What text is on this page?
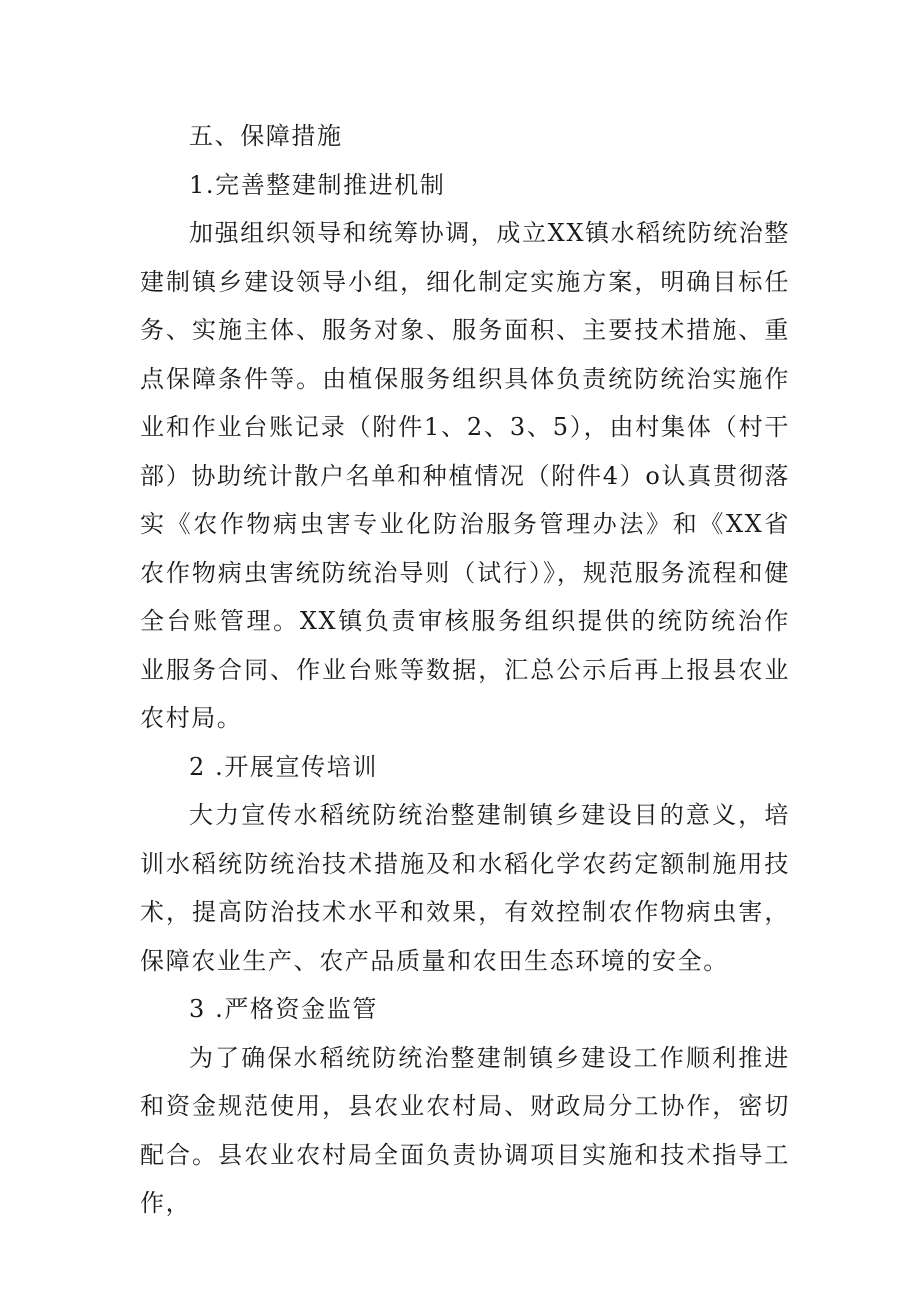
五、保障措施

1.完善整建制推进机制

加强组织领导和统筹协调，成立XX镇水稻统防统治整建制镇乡建设领导小组，细化制定实施方案，明确目标任务、实施主体、服务对象、服务面积、主要技术措施、重点保障条件等。由植保服务组织具体负责统防统治实施作业和作业台账记录（附件1、2、3、5），由村集体（村干部）协助统计散户名单和种植情况（附件4）o认真贯彻落实《农作物病虫害专业化防治服务管理办法》和《XX省农作物病虫害统防统治导则（试行）》，规范服务流程和健全台账管理。XX镇负责审核服务组织提供的统防统治作业服务合同、作业台账等数据，汇总公示后再上报县农业农村局。

2 .开展宣传培训

大力宣传水稻统防统治整建制镇乡建设目的意义，培训水稻统防统治技术措施及和水稻化学农药定额制施用技术，提高防治技术水平和效果，有效控制农作物病虫害，保障农业生产、农产品质量和农田生态环境的安全。

3 .严格资金监管

为了确保水稻统防统治整建制镇乡建设工作顺利推进和资金规范使用，县农业农村局、财政局分工协作，密切配合。县农业农村局全面负责协调项目实施和技术指导工作，
